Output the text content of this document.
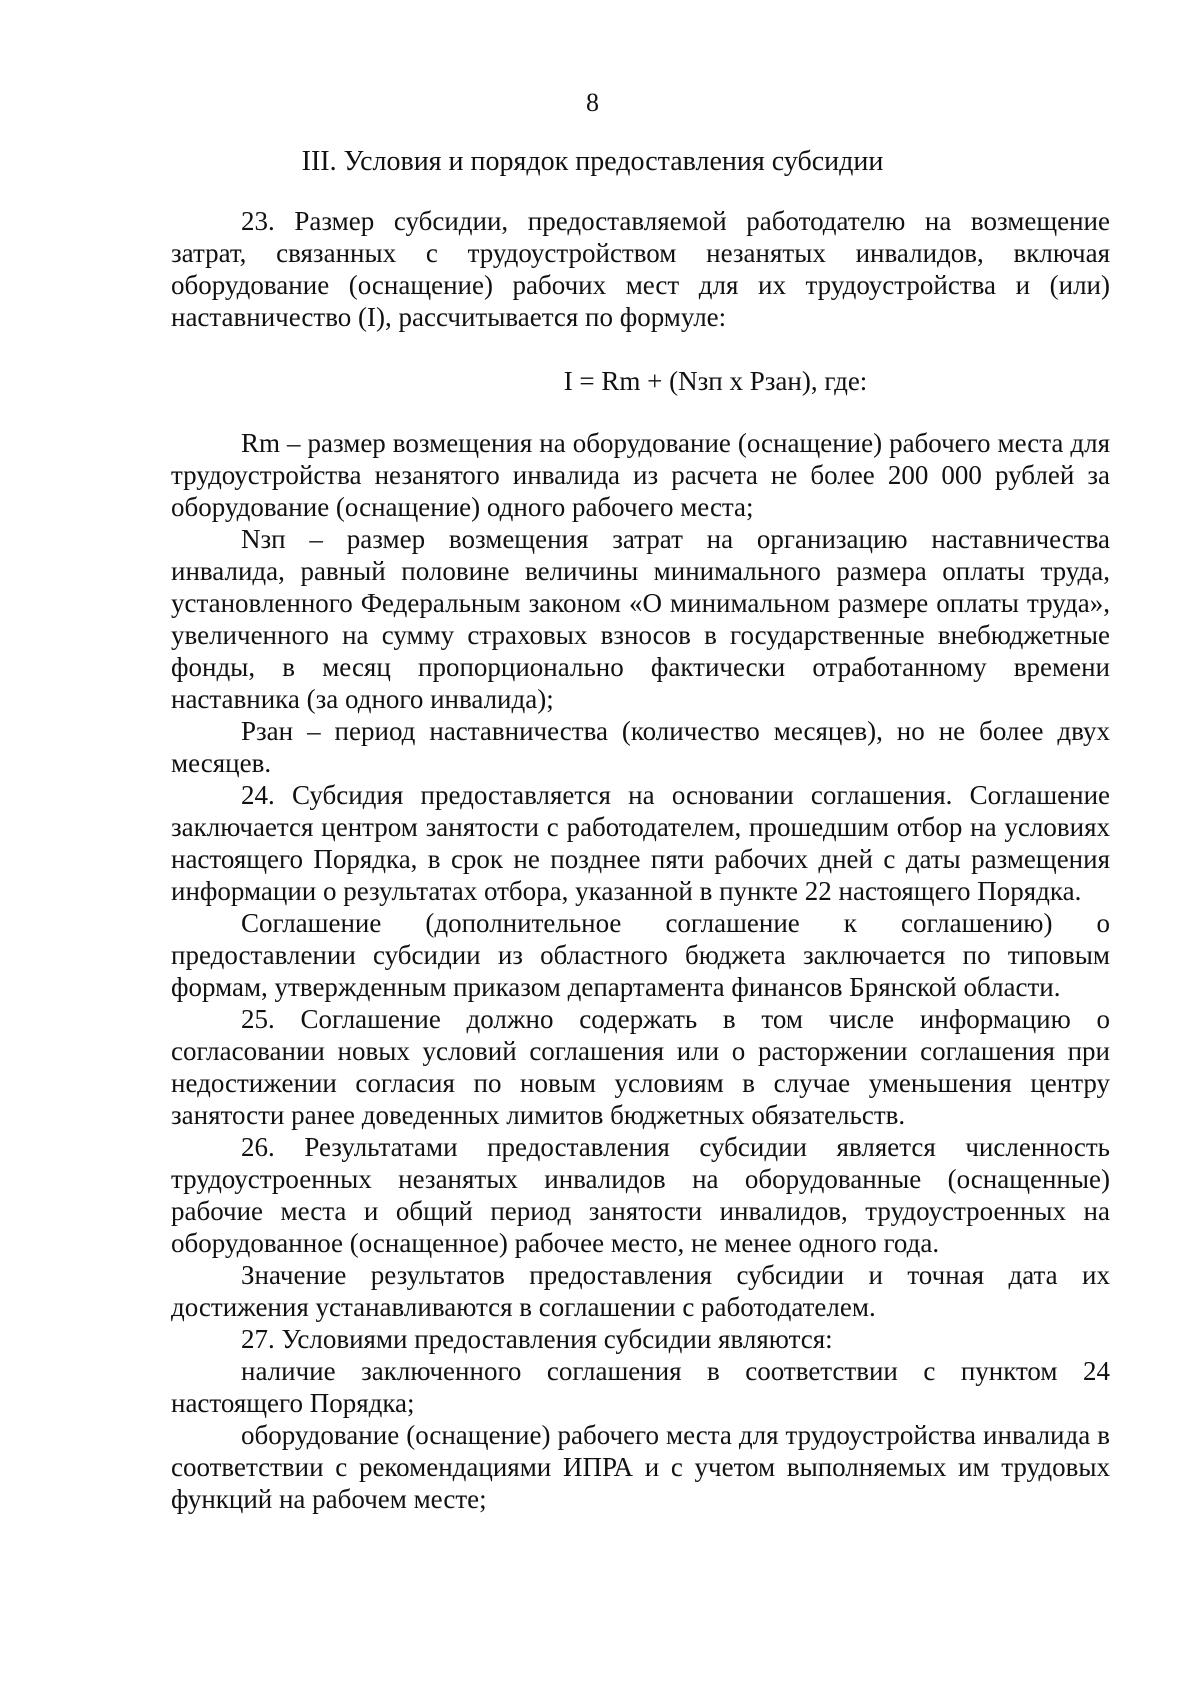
8
III. Условия и порядок предоставления субсидии

23. Размер субсидии, предоставляемой работодателю на возмещение затрат, связанных с трудоустройством незанятых инвалидов, включая оборудование (оснащение) рабочих мест для их трудоустройства и (или) наставничество (I), рассчитывается по формуле:

I = Rm + (Nзп х Рзан), где:

Rm – размер возмещения на оборудование (оснащение) рабочего места для трудоустройства незанятого инвалида из расчета не более 200 000 рублей за оборудование (оснащение) одного рабочего места;

Nзп – размер возмещения затрат на организацию наставничества инвалида, равный половине величины минимального размера оплаты труда, установленного Федеральным законом «О минимальном размере оплаты труда», увеличенного на сумму страховых взносов в государственные внебюджетные фонды, в месяц пропорционально фактически отработанному времени наставника (за одного инвалида);

Рзан – период наставничества (количество месяцев), но не более двух месяцев.

24. Субсидия предоставляется на основании соглашения. Соглашение заключается центром занятости с работодателем, прошедшим отбор на условиях настоящего Порядка, в срок не позднее пяти рабочих дней с даты размещения информации о результатах отбора, указанной в пункте 22 настоящего Порядка.

Соглашение (дополнительное соглашение к соглашению) о предоставлении субсидии из областного бюджета заключается по типовым формам, утвержденным приказом департамента финансов Брянской области.

25. Соглашение должно содержать в том числе информацию о согласовании новых условий соглашения или о расторжении соглашения при недостижении согласия по новым условиям в случае уменьшения центру занятости ранее доведенных лимитов бюджетных обязательств.

26. Результатами предоставления субсидии является численность трудоустроенных незанятых инвалидов на оборудованные (оснащенные) рабочие места и общий период занятости инвалидов, трудоустроенных на оборудованное (оснащенное) рабочее место, не менее одного года.

Значение результатов предоставления субсидии и точная дата их достижения устанавливаются в соглашении с работодателем.

27. Условиями предоставления субсидии являются:

наличие заключенного соглашения в соответствии с пунктом 24 настоящего Порядка;

оборудование (оснащение) рабочего места для трудоустройства инвалида в соответствии с рекомендациями ИПРА и с учетом выполняемых им трудовых функций на рабочем месте;
